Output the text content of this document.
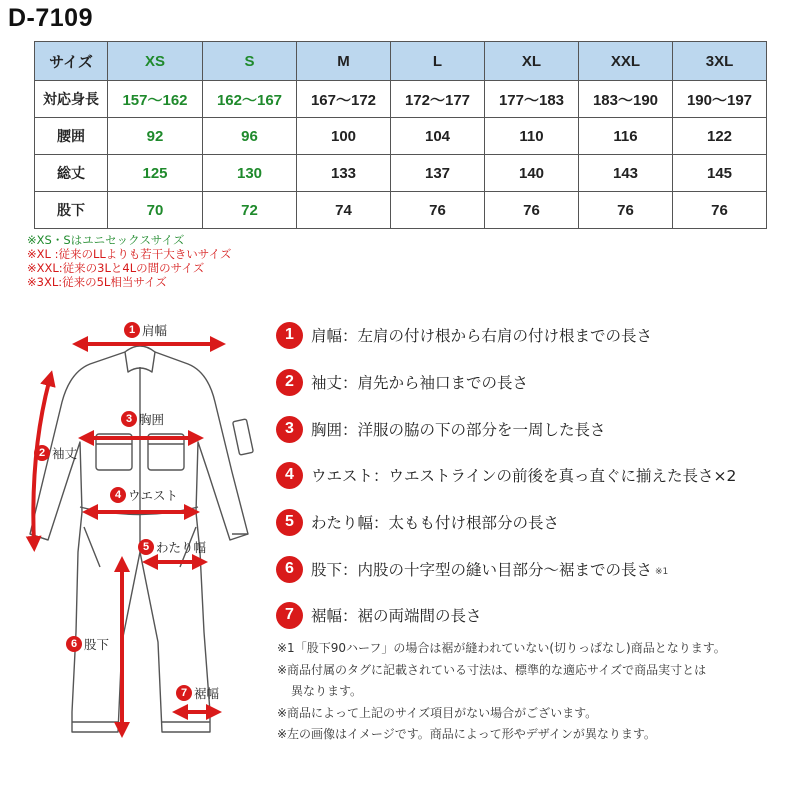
D-7109
サイズ	XS	S	M	L	XL	XXL	3XL
対応身長	157～162	162～167	167～172	172～177	177～183	183～190	190～197
腰囲	92	96	100	104	110	116	122
総丈	125	130	133	137	140	143	145
股下	70	72	74	76	76	76	76
※XS・Sはユニセックスサイズ
※XL :従来のLLよりも若干大きいサイズ
※XXL:従来の3Lと4Lの間のサイズ
※3XL:従来の5L相当サイズ
1 肩幅
2 袖丈
3 胸囲
4 ウエスト
5 わたり幅
6 股下
7 裾幅
1	肩幅：左肩の付け根から右肩の付け根までの長さ
2	袖丈：肩先から袖口までの長さ
3	胸囲：洋服の脇の下の部分を一周した長さ
4	ウエスト：ウエストラインの前後を真っ直ぐに揃えた長さ×2
5	わたり幅：太もも付け根部分の長さ
6	股下：内股の十字型の縫い目部分～裾までの長さ ※1
7	裾幅：裾の両端間の長さ
※1「股下90ハーフ」の場合は裾が縫われていない(切りっぱなし)商品となります。
※商品付属のタグに記載されている寸法は、標準的な適応サイズで商品実寸とは
異なります。
※商品によって上記のサイズ項目がない場合がございます。
※左の画像はイメージです。商品によって形やデザインが異なります。
